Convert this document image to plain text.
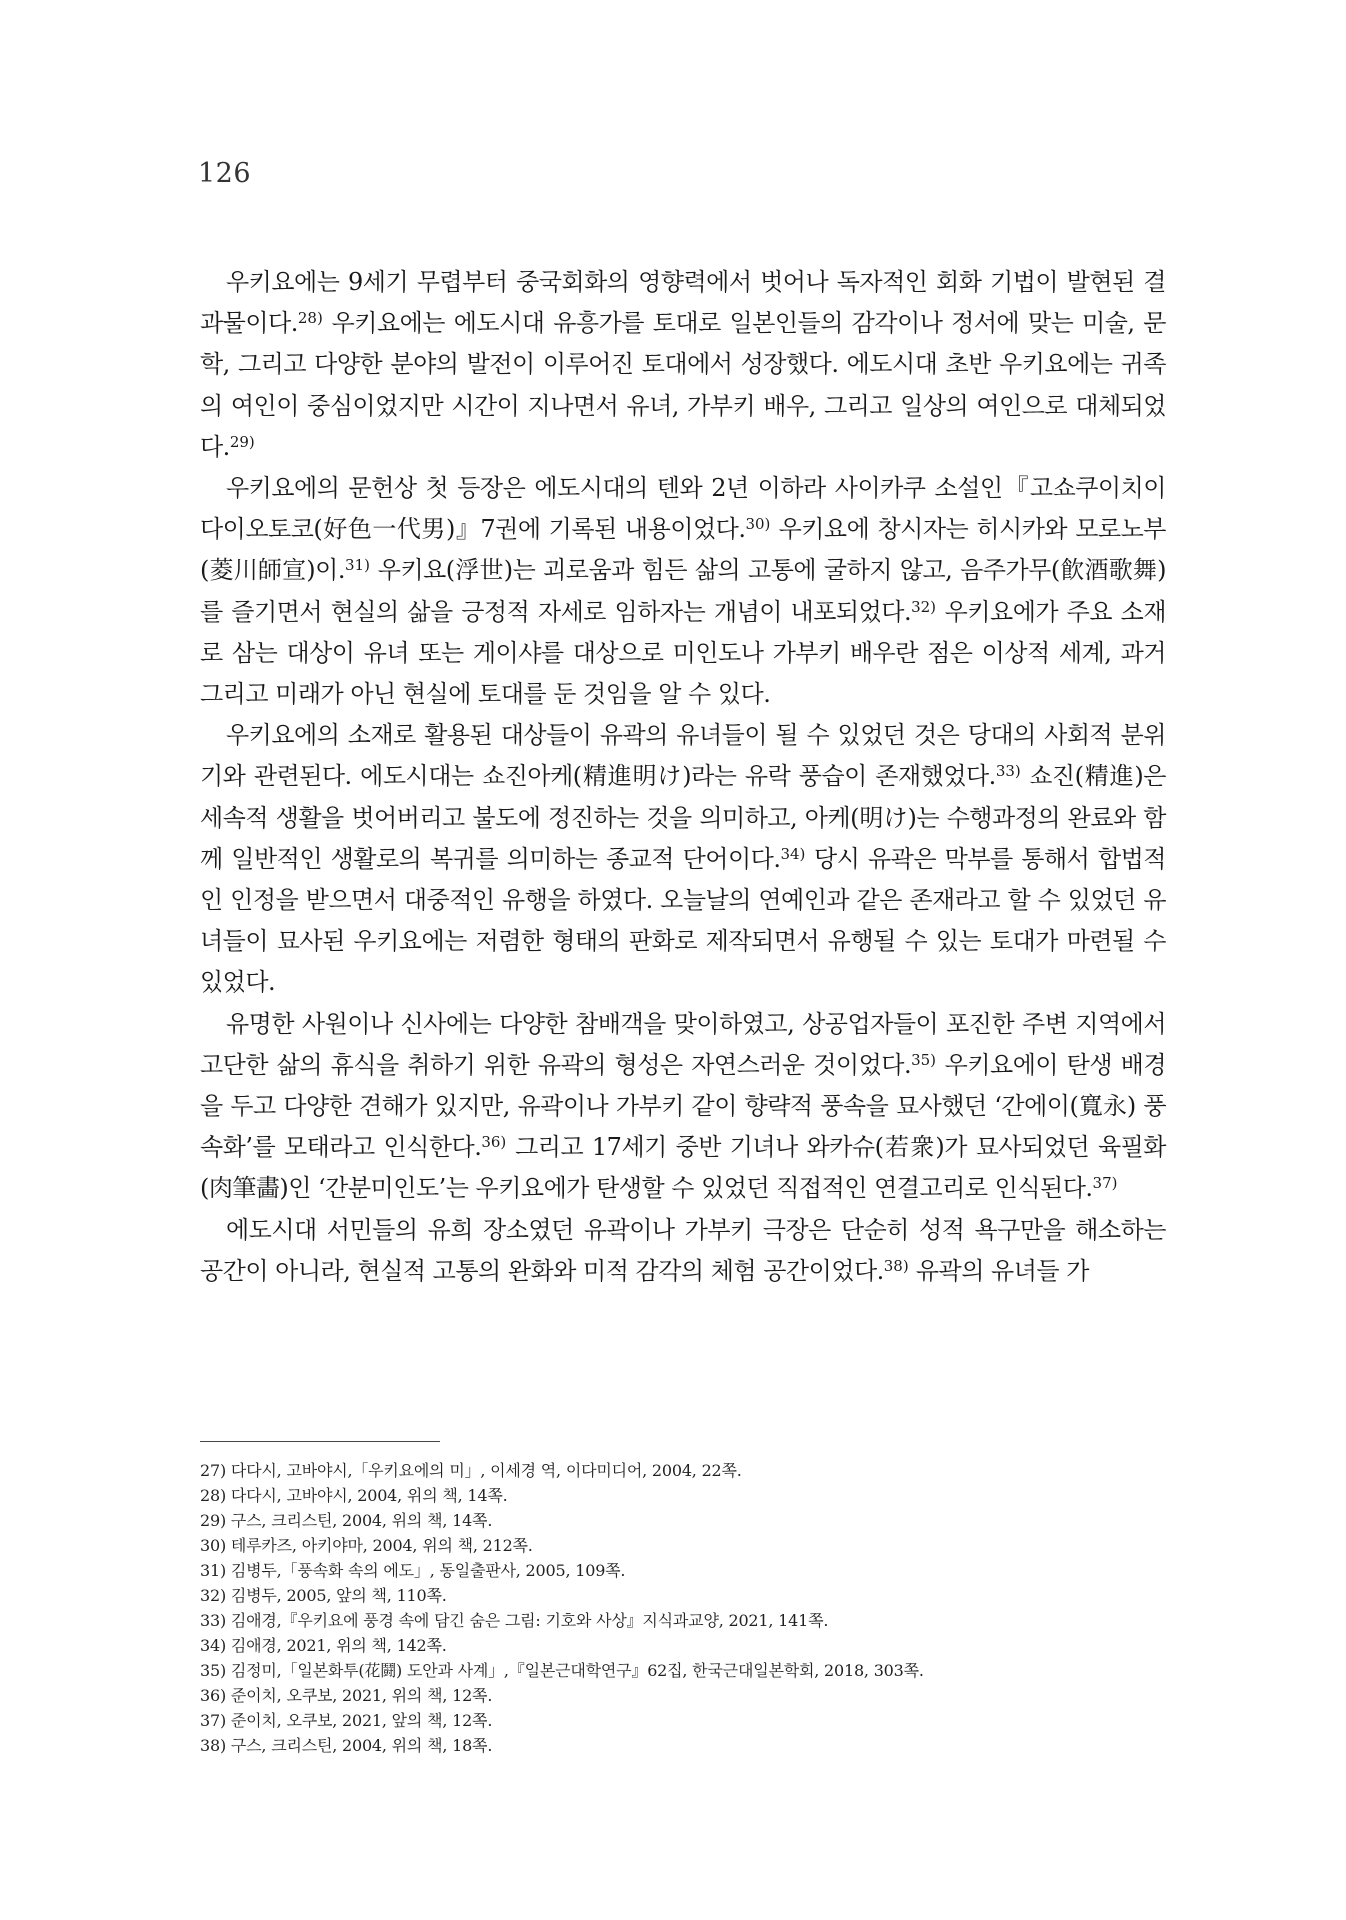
126

우키요에는 9세기 무렵부터 중국회화의 영향력에서 벗어나 독자적인 회화 기법이 발현된 결과물이다.$^{28)}$ 우키요에는 에도시대 유흥가를 토대로 일본인들의 감각이나 정서에 맞는 미술, 문학, 그리고 다양한 분야의 발전이 이루어진 토대에서 성장했다. 에도시대 초반 우키요에는 귀족의 여인이 중심이었지만 시간이 지나면서 유녀, 가부키 배우, 그리고 일상의 여인으로 대체되었다.$^{29)}$

우키요에의 문헌상 첫 등장은 에도시대의 텐와 2년 이하라 사이카쿠 소설인『고쇼쿠이치이다이오토코(好色一代男)』7권에 기록된 내용이었다.$^{30)}$ 우키요에 창시자는 히시카와 모로노부(菱川師宣)이.$^{31)}$ 우키요(浮世)는 괴로움과 힘든 삶의 고통에 굴하지 않고, 음주가무(飮酒歌舞)를 즐기면서 현실의 삶을 긍정적 자세로 임하자는 개념이 내포되었다.$^{32)}$ 우키요에가 주요 소재로 삼는 대상이 유녀 또는 게이샤를 대상으로 미인도나 가부키 배우란 점은 이상적 세계, 과거 그리고 미래가 아닌 현실에 토대를 둔 것임을 알 수 있다.

우키요에의 소재로 활용된 대상들이 유곽의 유녀들이 될 수 있었던 것은 당대의 사회적 분위기와 관련된다. 에도시대는 쇼진아케(精進明け)라는 유락 풍습이 존재했었다.$^{33)}$ 쇼진(精進)은 세속적 생활을 벗어버리고 불도에 정진하는 것을 의미하고, 아케(明け)는 수행과정의 완료와 함께 일반적인 생활로의 복귀를 의미하는 종교적 단어이다.$^{34)}$ 당시 유곽은 막부를 통해서 합법적인 인정을 받으면서 대중적인 유행을 하였다. 오늘날의 연예인과 같은 존재라고 할 수 있었던 유녀들이 묘사된 우키요에는 저렴한 형태의 판화로 제작되면서 유행될 수 있는 토대가 마련될 수 있었다.

유명한 사원이나 신사에는 다양한 참배객을 맞이하였고, 상공업자들이 포진한 주변 지역에서 고단한 삶의 휴식을 취하기 위한 유곽의 형성은 자연스러운 것이었다.$^{35)}$ 우키요에이 탄생 배경을 두고 다양한 견해가 있지만, 유곽이나 가부키 같이 향략적 풍속을 묘사했던 ‘간에이(寬永) 풍속화’를 모태라고 인식한다.$^{36)}$ 그리고 17세기 중반 기녀나 와카슈(若衆)가 묘사되었던 육필화(肉筆畵)인 ‘간분미인도’는 우키요에가 탄생할 수 있었던 직접적인 연결고리로 인식된다.$^{37)}$

에도시대 서민들의 유희 장소였던 유곽이나 가부키 극장은 단순히 성적 욕구만을 해소하는 공간이 아니라, 현실적 고통의 완화와 미적 감각의 체험 공간이었다.$^{38)}$ 유곽의 유녀들 가

27) 다다시, 고바야시,「우키요에의 미」, 이세경 역, 이다미디어, 2004, 22쪽.

28) 다다시, 고바야시, 2004, 위의 책, 14쪽.

29) 구스, 크리스틴, 2004, 위의 책, 14쪽.

30) 테루카즈, 아키야마, 2004, 위의 책, 212쪽.

31) 김병두,「풍속화 속의 에도」, 동일출판사, 2005, 109쪽.

32) 김병두, 2005, 앞의 책, 110쪽.

33) 김애경,『우키요에 풍경 속에 담긴 숨은 그림: 기호와 사상』지식과교양, 2021, 141쪽.

34) 김애경, 2021, 위의 책, 142쪽.

35) 김정미,「일본화투(花鬪) 도안과 사계」,『일본근대학연구』62집, 한국근대일본학회, 2018, 303쪽.

36) 준이치, 오쿠보, 2021, 위의 책, 12쪽.

37) 준이치, 오쿠보, 2021, 앞의 책, 12쪽.

38) 구스, 크리스틴, 2004, 위의 책, 18쪽.
